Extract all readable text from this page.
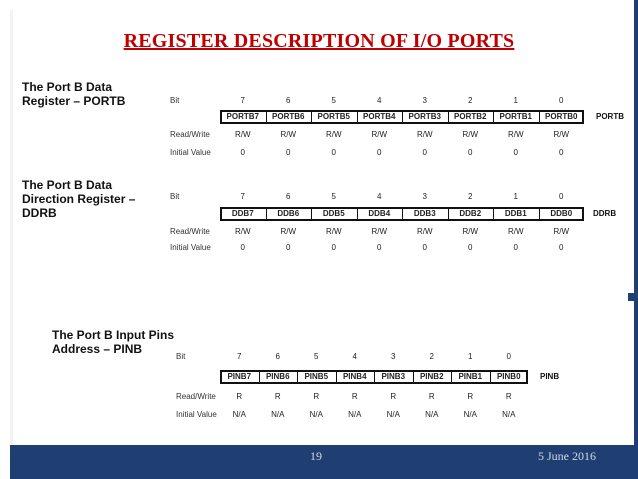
19	5 June 2016
REGISTER DESCRIPTION OF I/O PORTS
Bit
Read/Write
Initial Value
7
PORTB7
R/W
0
6
PORTB6
R/W
0
5
PORTB5
R/W
0
4
PORTB4
R/W
0
3
PORTB3
R/W
0
2
PORTB2
R/W
0
1
PORTB1
R/W
0
0
PORTB0
R/W
0
PORTB
Bit
Read/Write
Initial Value
7
DDB7
R/W
0
6
DDB6
R/W
0
5
DDB5
R/W
0
4
DDB4
R/W
0
3
DDB3
R/W
0
2
DDB2
R/W
0
1
DDB1
R/W
0
0
DDB0
R/W
0
DDRB
Bit
Read/Write
Initial Value
7
PINB7
R
N/A
6
PINB6
R
N/A
5
PINB5
R
N/A
4
PINB4
R
N/A
3
PINB3
R
N/A
2
PINB2
R
N/A
1
PINB1
R
N/A
0
PINB0
R
N/A
PINB
The Port B Data
Register – PORTB
The Port B Data
Direction Register –
DDRB
The Port B Input Pins
Address – PINB
